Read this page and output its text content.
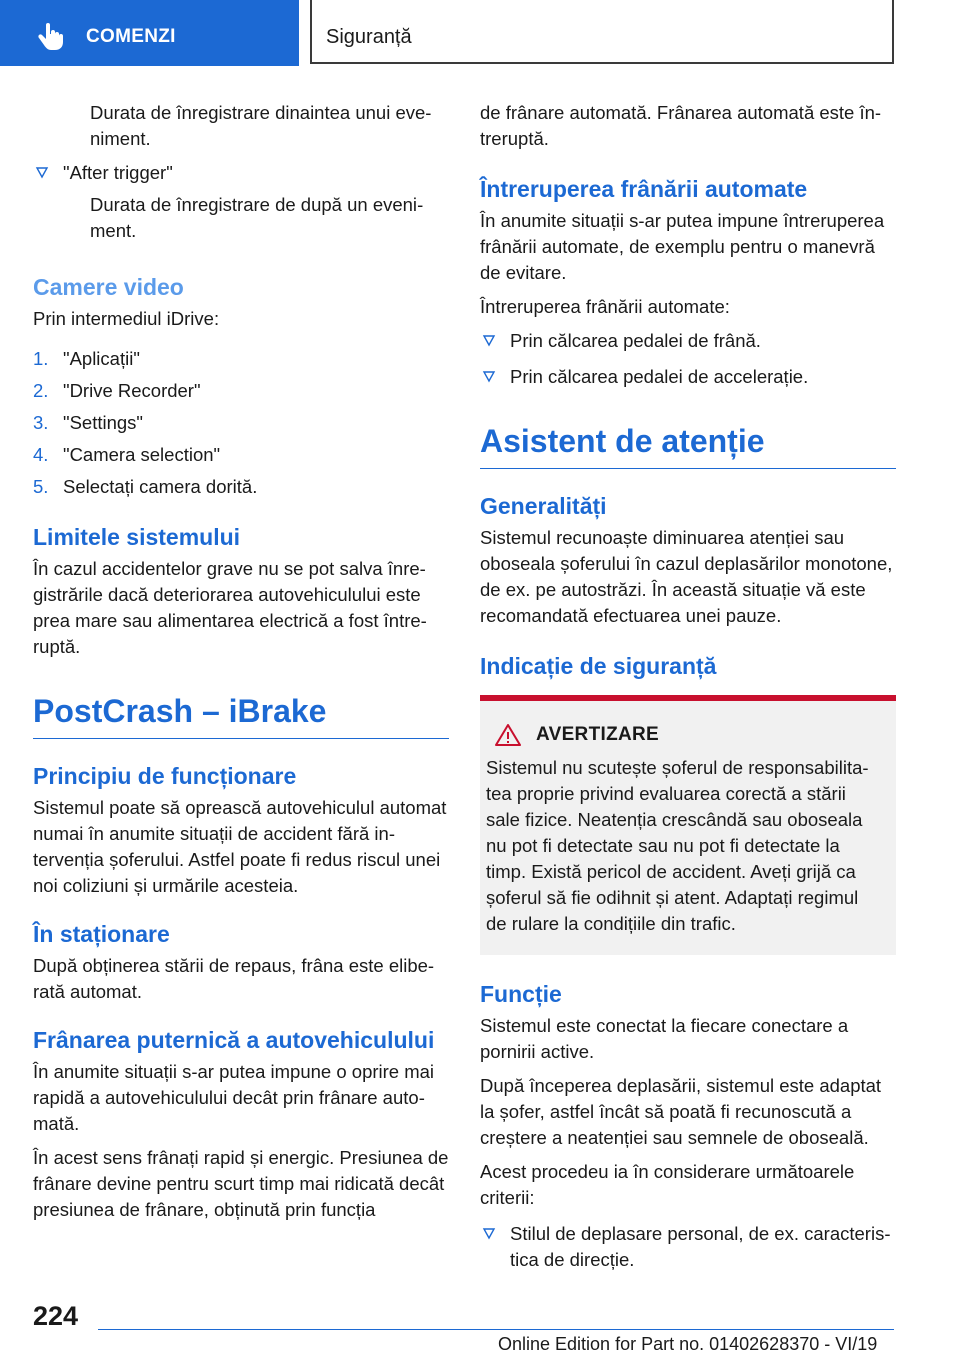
COMENZI	Siguranță

Durata de înregistrare dinaintea unui eveniment.

"After trigger"

Durata de înregistrare de după un eveniment.

Camere video

Prin intermediul iDrive:

1. "Aplicații"
2. "Drive Recorder"
3. "Settings"
4. "Camera selection"
5. Selectați camera dorită.
Limitele sistemului

În cazul accidentelor grave nu se pot salva înregistrările dacă deteriorarea autovehiculului este prea mare sau alimentarea electrică a fost întreruptă.

PostCrash – iBrake
Principiu de funcționare

Sistemul poate să oprească autovehiculul automat numai în anumite situații de accident fără intervenția șoferului. Astfel poate fi redus riscul unei noi coliziuni și urmările acesteia.

În staționare

După obținerea stării de repaus, frâna este eliberată automat.

Frânarea puternică a autovehiculului

În anumite situații s-ar putea impune o oprire mai rapidă a autovehiculului decât prin frânare automată.

În acest sens frânați rapid și energic. Presiunea de frânare devine pentru scurt timp mai ridicată decât presiunea de frânare, obținută prin funcția

de frânare automată. Frânarea automată este întreruptă.

Întreruperea frânării automate

În anumite situații s-ar putea impune întreruperea frânării automate, de exemplu pentru o manevră de evitare.

Întreruperea frânării automate:

Prin călcarea pedalei de frână.
Prin călcarea pedalei de accelerație.
Asistent de atenție
Generalități

Sistemul recunoaște diminuarea atenției sau oboseala șoferului în cazul deplasărilor monotone, de ex. pe autostrăzi. În această situație vă este recomandată efectuarea unei pauze.

Indicație de siguranță
AVERTIZARE

Sistemul nu scutește șoferul de responsabilitatea proprie privind evaluarea corectă a stării sale fizice. Neatenția crescândă sau oboseala nu pot fi detectate sau nu pot fi detectate la timp. Există pericol de accident. Aveți grijă ca șoferul să fie odihnit și atent. Adaptați regimul de rulare la condițiile din trafic.

Funcție

Sistemul este conectat la fiecare conectare a pornirii active.

După începerea deplasării, sistemul este adaptat la șofer, astfel încât să poată fi recunoscută a creștere a neatenției sau semnele de oboseală.

Acest procedeu ia în considerare următoarele criterii:

Stilul de deplasare personal, de ex. caracteristica de direcție.
224
Online Edition for Part no. 01402628370 - VI/19
